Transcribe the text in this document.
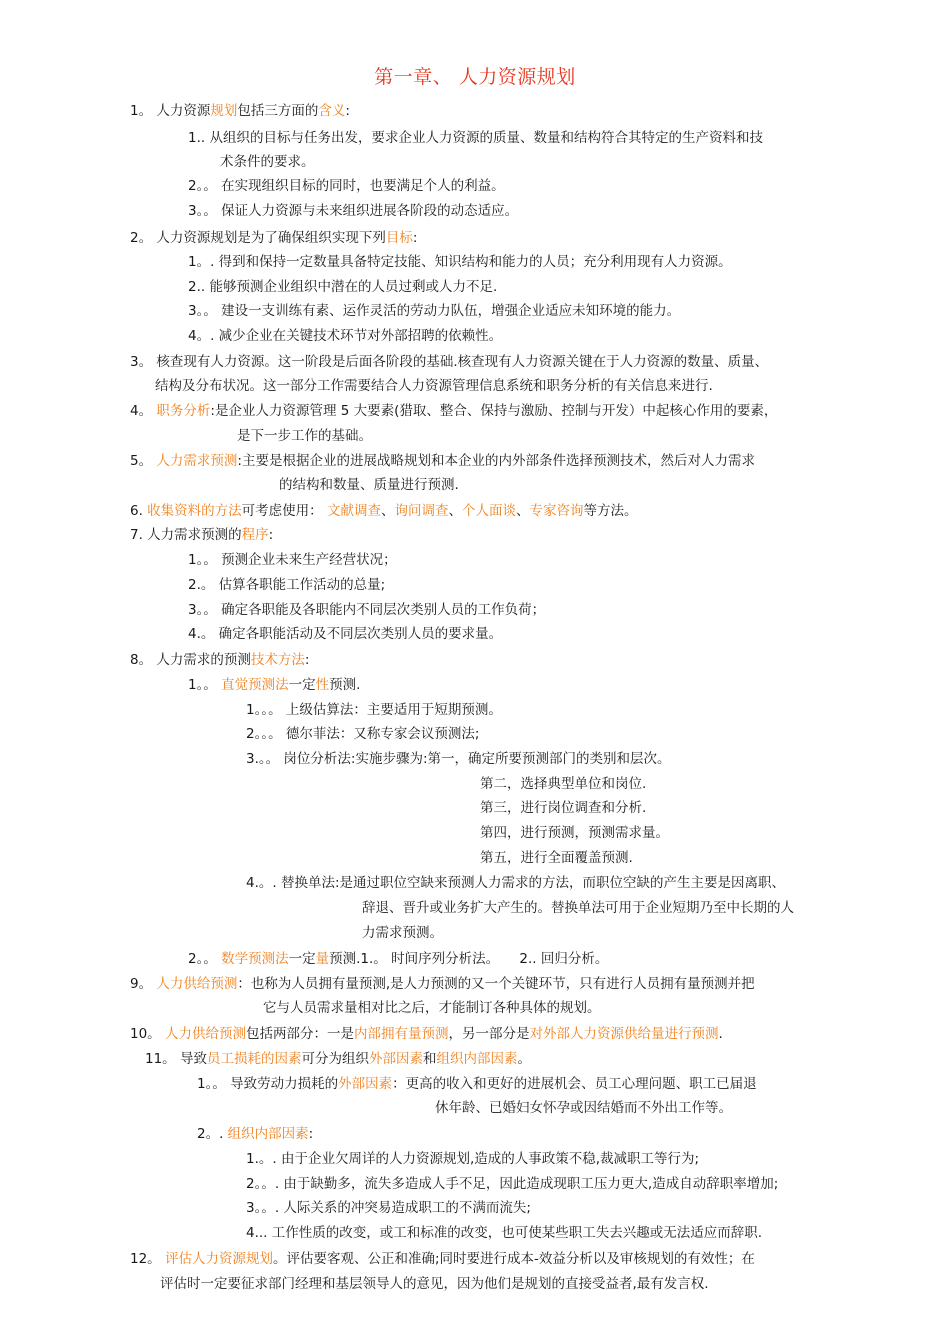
第一章、 人力资源规划
1。 人力资源规划包括三方面的含义:
1.. 从组织的目标与任务出发，要求企业人力资源的质量、数量和结构符合其特定的生产资料和技
术条件的要求。
2。。 在实现组织目标的同时，也要满足个人的利益。
3。。 保证人力资源与未来组织进展各阶段的动态适应。
2。 人力资源规划是为了确保组织实现下列目标:
1。. 得到和保持一定数量具备特定技能、知识结构和能力的人员；充分利用现有人力资源。
2.. 能够预测企业组织中潜在的人员过剩或人力不足.
3。。 建设一支训练有素、运作灵活的劳动力队伍，增强企业适应未知环境的能力。
4。. 减少企业在关键技术环节对外部招聘的依赖性。
3。 核查现有人力资源。这一阶段是后面各阶段的基础.核查现有人力资源关键在于人力资源的数量、质量、
结构及分布状况。这一部分工作需要结合人力资源管理信息系统和职务分析的有关信息来进行.
4。 职务分析:是企业人力资源管理 5 大要素(猎取、整合、保持与激励、控制与开发）中起核心作用的要素，
是下一步工作的基础。
5。 人力需求预测:主要是根据企业的进展战略规划和本企业的内外部条件选择预测技术，然后对人力需求
的结构和数量、质量进行预测.
6. 收集资料的方法可考虑使用： 文献调查、询问调查、个人面谈、专家咨询等方法。
7. 人力需求预测的程序:
1。。 预测企业未来生产经营状况；
2.。 估算各职能工作活动的总量;
3。。 确定各职能及各职能内不同层次类别人员的工作负荷；
4.。 确定各职能活动及不同层次类别人员的要求量。
8。 人力需求的预测技术方法:
1。。 直觉预测法一定性预测.
1。。。 上级估算法：主要适用于短期预测。
2。。。 德尔菲法：又称专家会议预测法;
3.。。 岗位分析法:实施步骤为:第一，确定所要预测部门的类别和层次。
第二，选择典型单位和岗位.
第三，进行岗位调查和分析.
第四，进行预测，预测需求量。
第五，进行全面覆盖预测.
4.。. 替换单法:是通过职位空缺来预测人力需求的方法，而职位空缺的产生主要是因离职、
辞退、晋升或业务扩大产生的。替换单法可用于企业短期乃至中长期的人
力需求预测。
2。。 数学预测法一定量预测.1.。 时间序列分析法。　　2.. 回归分析。
9。 人力供给预测：也称为人员拥有量预测,是人力预测的又一个关键环节，只有进行人员拥有量预测并把
它与人员需求量相对比之后，才能制订各种具体的规划。
10。 人力供给预测包括两部分：一是内部拥有量预测，另一部分是对外部人力资源供给量进行预测.
11。 导致员工损耗的因素可分为组织外部因素和组织内部因素。
1。。 导致劳动力损耗的外部因素：更高的收入和更好的进展机会、员工心理问题、职工已届退
休年龄、已婚妇女怀孕或因结婚而不外出工作等。
2。. 组织内部因素:
1.。. 由于企业欠周详的人力资源规划,造成的人事政策不稳,裁减职工等行为;
2。。. 由于缺勤多，流失多造成人手不足，因此造成现职工压力更大,造成自动辞职率增加;
3。。. 人际关系的冲突易造成职工的不满而流失;
4... 工作性质的改变，或工和标准的改变，也可使某些职工失去兴趣或无法适应而辞职.
12。 评估人力资源规划。评估要客观、公正和准确;同时要进行成本-效益分析以及审核规划的有效性；在
评估时一定要征求部门经理和基层领导人的意见，因为他们是规划的直接受益者,最有发言权.
